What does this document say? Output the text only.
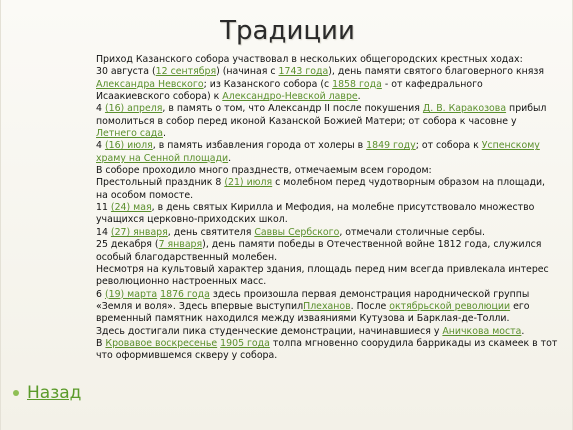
Традиции

Приход Казанского собора участвовал в нескольких общегородских крестных ходах:

30 августа (12 сентября) (начиная с 1743 года), день памяти святого благоверного князя Александра Невского; из Казанского собора (с 1858 года - от кафедрального Исаакиевского собора) к Александро-Невской лавре.

4 (16) апреля, в память о том, что Александр II после покушения Д. В. Каракозова прибыл помолиться в собор перед иконой Казанской Божией Матери; от собора к часовне у Летнего сада.

4 (16) июля, в память избавления города от холеры в 1849 году; от собора к Успенскому храму на Сенной площади.

В соборе проходило много празднеств, отмечаемым всем городом:

Престольный праздник 8 (21) июля с молебном перед чудотворным образом на площади, на особом помосте.

11 (24) мая, в день святых Кирилла и Мефодия, на молебне присутствовало множество учащихся церковно-приходских школ.

14 (27) января, день святителя Саввы Сербского, отмечали столичные сербы.

25 декабря (7 января), день памяти победы в Отечественной войне 1812 года, служился особый благодарственный молебен.

Несмотря на культовый характер здания, площадь перед ним всегда привлекала интерес революционно настроенных масс.

6 (19) марта 1876 года здесь произошла первая демонстрация народнической группы «Земля и воля». Здесь впервые выступилПлеханов. После октябрьской революции его временный памятник находился между изваяниями Кутузова и Барклая-де-Толли.

Здесь достигали пика студенческие демонстрации, начинавшиеся у Аничкова моста.

В Кровавое воскресенье 1905 года толпа мгновенно соорудила баррикады из скамеек в тот что оформившемся скверу у собора.

Назад
